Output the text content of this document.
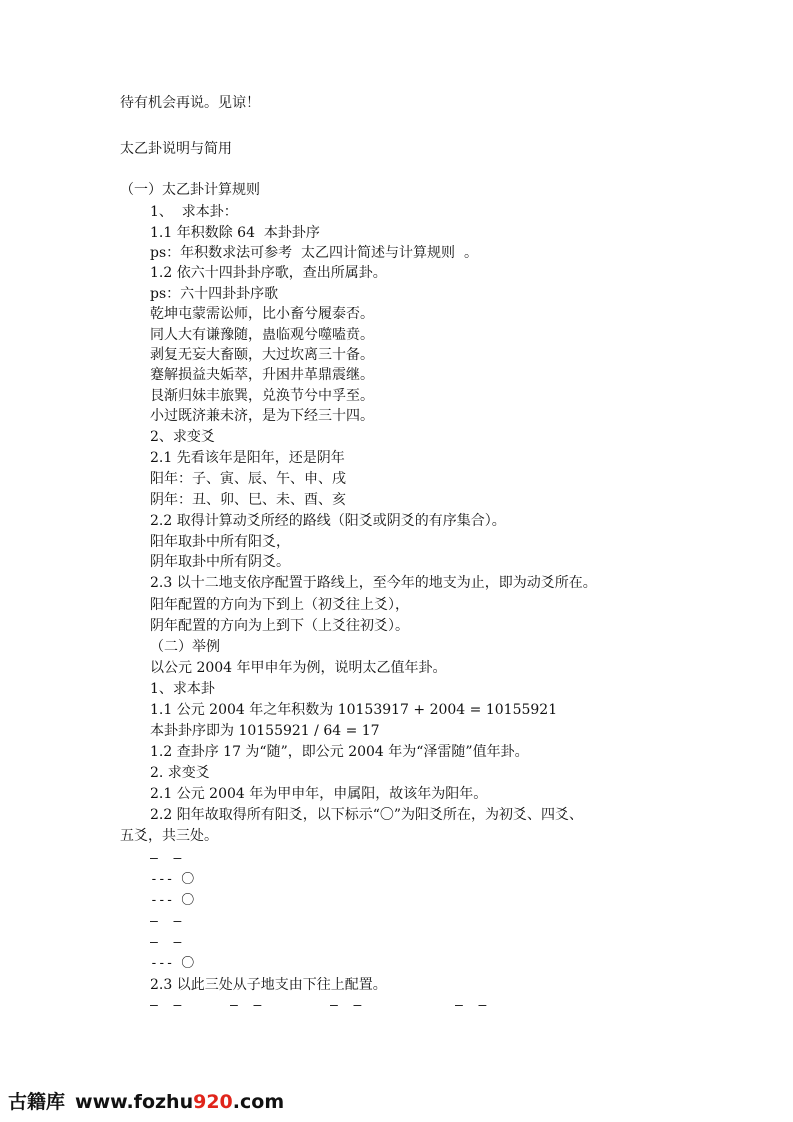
待有机会再说。见谅！
太乙卦说明与简用
（一）太乙卦计算规则
1、  求本卦：
1.1 年积数除 64  本卦卦序
ps：年积数求法可参考  太乙四计简述与计算规则  。
1.2 依六十四卦卦序歌，查出所属卦。
ps：六十四卦卦序歌
乾坤屯蒙需讼师，比小畜兮履泰否。
同人大有谦豫随，蛊临观兮噬嗑贲。
剥复无妄大畜颐，大过坎离三十备。
蹇解损益夬姤萃，升困井革鼎震继。
艮渐归妹丰旅巽，兑涣节兮中孚至。
小过既济兼未济，是为下经三十四。
2、求变爻
2.1 先看该年是阳年，还是阴年
阳年：子、寅、辰、午、申、戌
阴年：丑、卯、巳、未、酉、亥
2.2 取得计算动爻所经的路线（阳爻或阴爻的有序集合）。
阳年取卦中所有阳爻，
阴年取卦中所有阴爻。
2.3 以十二地支依序配置于路线上，至今年的地支为止，即为动爻所在。
阳年配置的方向为下到上（初爻往上爻），
阴年配置的方向为上到下（上爻往初爻）。
（二）举例
以公元 2004 年甲申年为例，说明太乙值年卦。
1、求本卦
1.1 公元 2004 年之年积数为 10153917 + 2004 = 10155921
本卦卦序即为 10155921 / 64 = 17
1.2 查卦序 17 为“随”，即公元 2004 年为“泽雷随”值年卦。
2. 求变爻
2.1 公元 2004 年为甲申年，申属阳，故该年为阳年。
2.2 阳年故取得所有阳爻，以下标示“〇”为阳爻所在，为初爻、四爻、
五爻，共三处。
–  –
--- 〇
--- 〇
–  –
–  –
--- 〇
2.3 以此三处从子地支由下往上配置。
–  –	–  –	–  –	–  –
古籍库 www.fozhu920.com
